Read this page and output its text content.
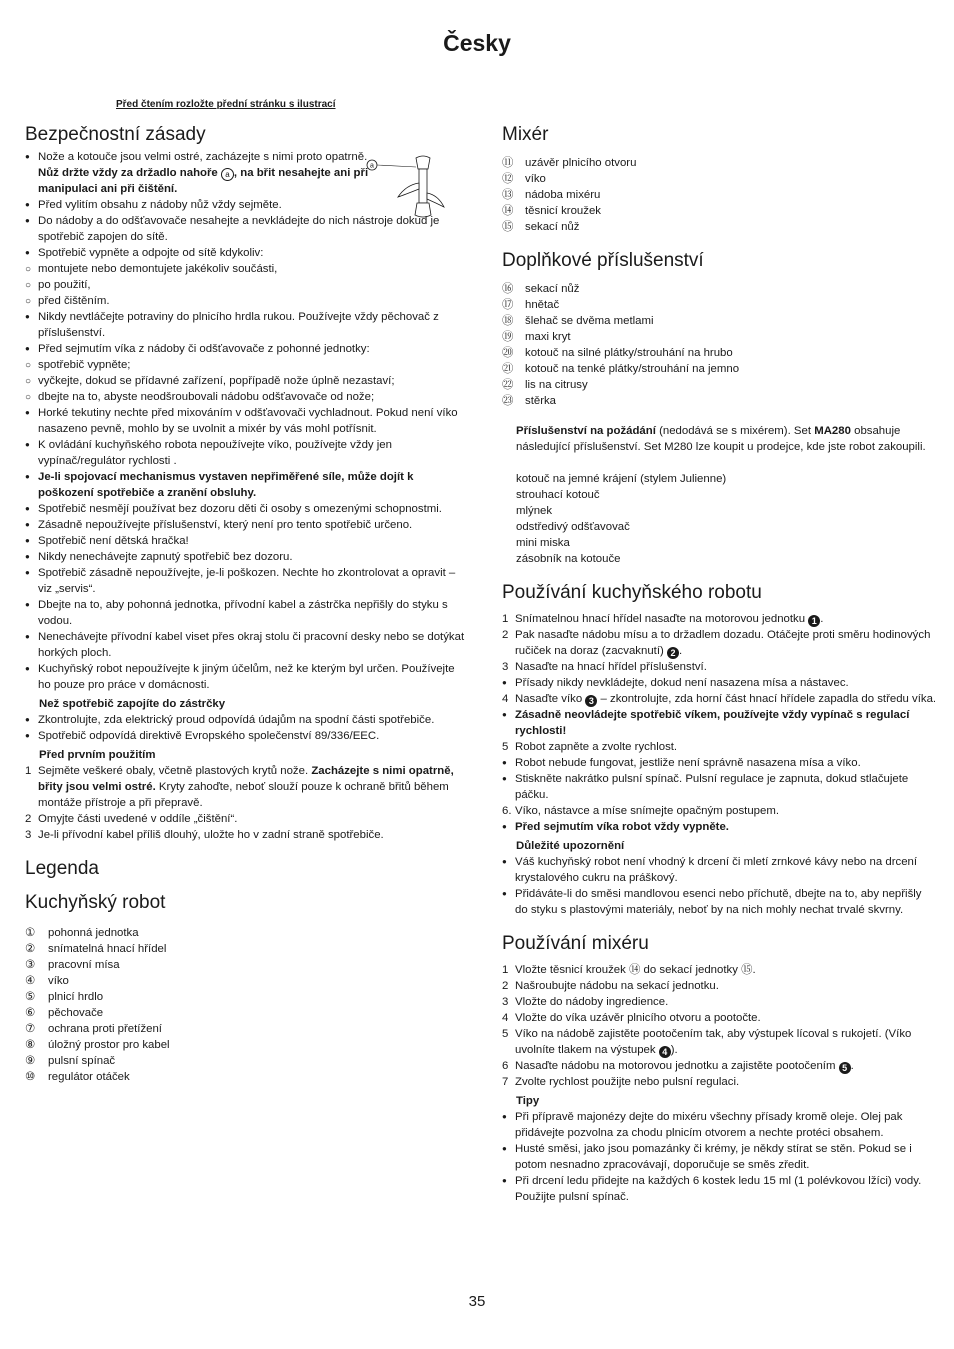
Česky
Před čtením rozložte přední stránku s ilustrací
a
Bezpečnostní zásady
●
Nože a kotouče jsou velmi ostré, zacházejte s nimi proto opatrně.
Nůž držte vždy za držadlo nahoře a , na břit nesahejte ani při manipulaci ani při čištění.
●
Před vylitím obsahu z nádoby nůž vždy sejměte.
●
Do nádoby a do odšťavovače nesahejte a nevkládejte do nich nástroje dokud je spotřebič zapojen do sítě.
●
Spotřebič vypněte a odpojte od sítě kdykoliv:
○
montujete nebo demontujete jakékoliv součásti,
○
po použití,
○
před čištěním.
●
Nikdy nevtláčejte potraviny do plnicího hrdla rukou. Používejte vždy pěchovač z příslušenství.
●
Před sejmutím víka z nádoby či odšťavovače z pohonné jednotky:
○
spotřebič vypněte;
○
vyčkejte, dokud se přídavné zařízení, popřípadě nože úplně nezastaví;
○
dbejte na to, abyste neodšroubovali nádobu odšťavovače od nože;
●
Horké tekutiny nechte před mixováním v odšťavovači vychladnout. Pokud není víko nasazeno pevně, mohlo by se uvolnit a mixér by vás mohl potřísnit.
●
K ovládání kuchyňského robota nepoužívejte víko, používejte vždy jen vypínač/regulátor rychlosti .
●
Je-li spojovací mechanismus vystaven nepřiměřené síle, může dojít k poškození spotřebiče a zranění obsluhy.
●
Spotřebič nesmějí používat bez dozoru děti či osoby s omezenými schopnostmi.
●
Zásadně nepoužívejte příslušenství, který není pro tento spotřebič určeno.
●
Spotřebič není dětská hračka!
●
Nikdy nenechávejte zapnutý spotřebič bez dozoru.
●
Spotřebič zásadně nepoužívejte, je-li poškozen. Nechte ho zkontrolovat a opravit – viz „servis“.
●
Dbejte na to, aby pohonná jednotka, přívodní kabel a zástrčka nepřišly do styku s vodou.
●
Nenechávejte přívodní kabel viset přes okraj stolu či pracovní desky nebo se dotýkat horkých ploch.
●
Kuchyňský robot nepoužívejte k jiným účelům, než ke kterým byl určen. Používejte ho pouze pro práce v domácnosti.
Než spotřebič zapojíte do zástrčky
●
Zkontrolujte, zda elektrický proud odpovídá údajům na spodní části spotřebiče.
●
Spotřebič odpovídá direktivě Evropského společenství 89/336/EEC.
Před prvním použitím
1 Sejměte veškeré obaly, včetně plastových krytů nože. Zacházejte s nimi opatrně, břity jsou velmi ostré. Kryty zahoďte, neboť slouží pouze k ochraně břitů během montáže přístroje a při přepravě.
2 Omyjte části uvedené v oddíle „čištění“.
3 Je-li přívodní kabel příliš dlouhý, uložte ho v zadní straně spotřebiče.
Legenda
Kuchyňský robot
① pohonná jednotka
② snímatelná hnací hřídel
③ pracovní mísa
④ víko
⑤ plnicí hrdlo
⑥ pěchovače
⑦ ochrana proti přetížení
⑧ úložný prostor pro kabel
⑨ pulsní spínač
⑩ regulátor otáček
Mixér
⑪ uzávěr plnicího otvoru
⑫ víko
⑬ nádoba mixéru
⑭ těsnicí kroužek
⑮ sekací nůž
Doplňkové příslušenství
⑯ sekací nůž
⑰ hnětač
⑱ šlehač se dvěma metlami
⑲ maxi kryt
⑳ kotouč na silné plátky/strouhání na hrubo
㉑ kotouč na tenké plátky/strouhání na jemno
㉒ lis na citrusy
㉓ stěrka
Příslušenství na požádání (nedodává se s mixérem). Set MA280 obsahuje následující příslušenství. Set M280 lze koupit u prodejce, kde jste robot zakoupili.
kotouč na jemné krájení (stylem Julienne)
strouhací kotouč
mlýnek
odstředivý odšťavovač
mini miska
zásobník na kotouče
Používání kuchyňského robotu
1 Snímatelnou hnací hřídel nasaďte na motorovou jednotku 1 .
2 Pak nasaďte nádobu mísu a to držadlem dozadu. Otáčejte proti směru hodinových ručiček na doraz (zacvaknutí) 2 .
3 Nasaďte na hnací hřídel příslušenství.
●
Přísady nikdy nevkládejte, dokud není nasazena mísa a nástavec.
4 Nasaďte víko 3 – zkontrolujte, zda horní část hnací hřídele zapadla do středu víka.
●
Zásadně neovládejte spotřebič víkem, používejte vždy vypínač s regulací rychlosti!
5 Robot zapněte a zvolte rychlost.
●
Robot nebude fungovat, jestliže není správně nasazena mísa a víko.
●
Stiskněte nakrátko pulsní spínač. Pulsní regulace je zapnuta, dokud stlačujete páčku.
6. Víko, nástavce a míse snímejte opačným postupem.
●
Před sejmutím víka robot vždy vypněte.
Důležité upozornění
●
Váš kuchyňský robot není vhodný k drcení či mletí zrnkové kávy nebo na drcení krystalového cukru na práškový.
●
Přidáváte-li do směsi mandlovou esenci nebo příchutě, dbejte na to, aby nepřišly do styku s plastovými materiály, neboť by na nich mohly nechat trvalé skvrny.
Používání mixéru
1 Vložte těsnicí kroužek ⑭ do sekací jednotky ⑮.
2 Našroubujte nádobu na sekací jednotku.
3 Vložte do nádoby ingredience.
4 Vložte do víka uzávěr plnicího otvoru a pootočte.
5 Víko na nádobě zajistěte pootočením tak, aby výstupek lícoval s rukojetí. (Víko uvolníte tlakem na výstupek 4 ).
6 Nasaďte nádobu na motorovou jednotku a zajistěte pootočením 5 .
7 Zvolte rychlost použijte nebo pulsní regulaci.
Tipy
●
Při přípravě majonézy dejte do mixéru všechny přísady kromě oleje. Olej pak přidávejte pozvolna za chodu plnicím otvorem a nechte protéci obsahem.
●
Husté směsi, jako jsou pomazánky či krémy, je někdy stírat se stěn. Pokud se i potom nesnadno zpracovávají, doporučuje se směs zředit.
●
Při drcení ledu přidejte na každých 6 kostek ledu 15 ml (1 polévkovou lžíci) vody. Použijte pulsní spínač.
35
